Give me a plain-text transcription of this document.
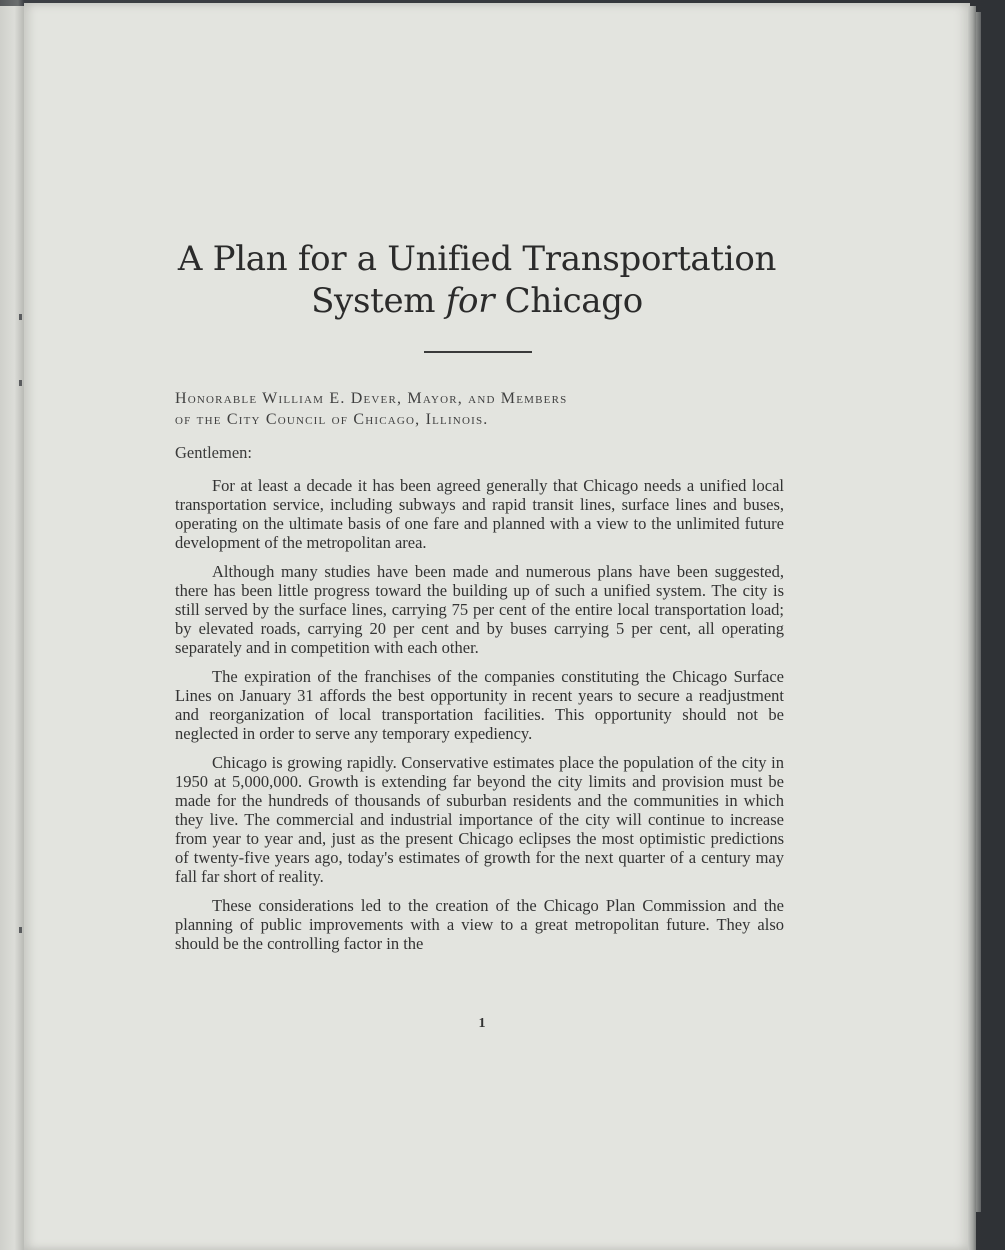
A Plan for a Unified Transportation
System for Chicago
Honorable William E. Dever, Mayor, and Members
of the City Council of Chicago, Illinois.
Gentlemen:

For at least a decade it has been agreed generally that Chicago needs a unified local transportation service, including subways and rapid transit lines, surface lines and buses, operating on the ultimate basis of one fare and planned with a view to the unlimited future development of the metropolitan area.

Although many studies have been made and numerous plans have been suggested, there has been little progress toward the building up of such a unified system. The city is still served by the surface lines, carrying 75 per cent of the entire local transportation load; by elevated roads, carrying 20 per cent and by buses carrying 5 per cent, all operating separately and in competition with each other.

The expiration of the franchises of the companies constituting the Chicago Surface Lines on January 31 affords the best opportunity in recent years to secure a readjustment and reorganization of local transportation facilities. This opportunity should not be neglected in order to serve any temporary expediency.

Chicago is growing rapidly. Conservative estimates place the population of the city in 1950 at 5,000,000. Growth is extending far beyond the city limits and provision must be made for the hundreds of thousands of suburban residents and the communities in which they live. The commercial and industrial importance of the city will continue to increase from year to year and, just as the present Chicago eclipses the most optimistic predictions of twenty-five years ago, today's estimates of growth for the next quarter of a century may fall far short of reality.

These considerations led to the creation of the Chicago Plan Commission and the planning of public improvements with a view to a great metropolitan future. They also should be the controlling factor in the

1
